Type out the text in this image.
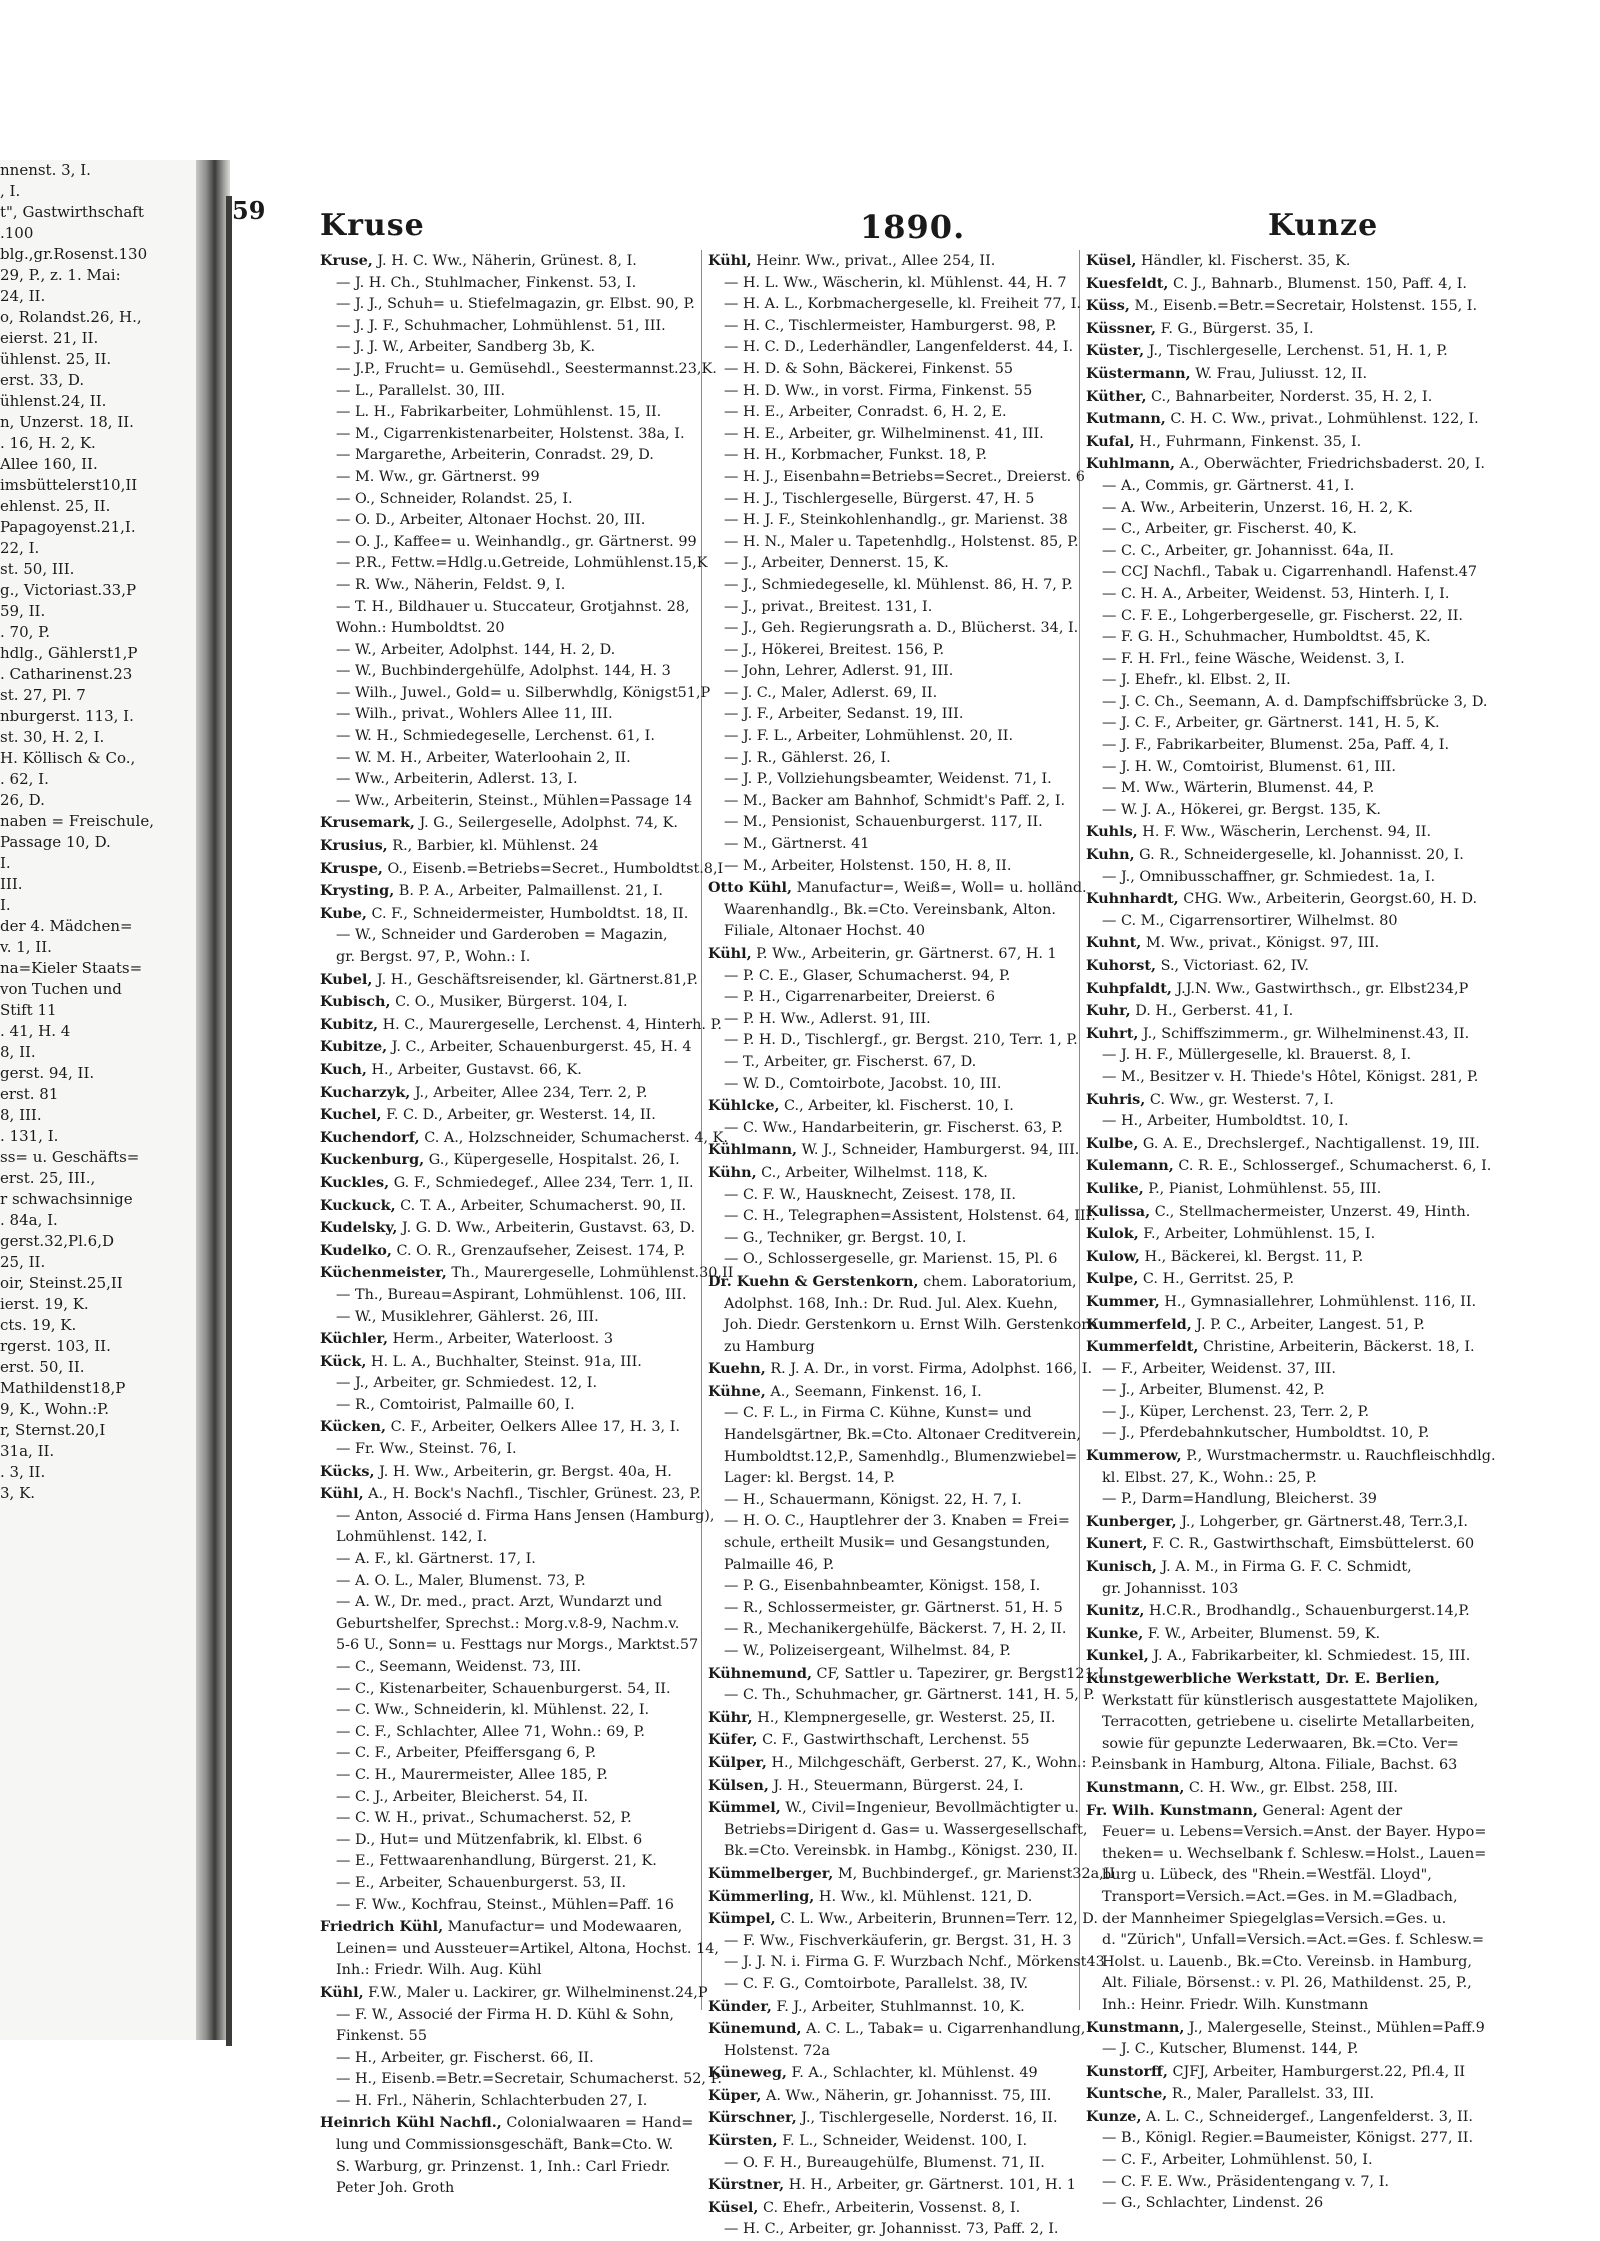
nnenst. 3, I.
, I.
t", Gastwirthschaft
.100
blg.,gr.Rosenst.130
29, P., z. 1. Mai:
24, II.
o, Rolandst.26, H.,
eierst. 21, II.
ühlenst. 25, II.
erst. 33, D.
ühlenst.24, II.
n, Unzerst. 18, II.
. 16, H. 2, K.
Allee 160, II.
imsbüttelerst10,II
ehlenst. 25, II.
Papagoyenst.21,I.
22, I.
st. 50, III.
g., Victoriast.33,P
59, II.
. 70, P.
hdlg., Gählerst1,P
. Catharinenst.23
st. 27, Pl. 7
nburgerst. 113, I.
st. 30, H. 2, I.
H. Köllisch & Co.,
. 62, I.
26, D.
naben = Freischule,
Passage 10, D.
I.
III.
I.
der 4. Mädchen=
v. 1, II.
na=Kieler Staats=
von Tuchen und
Stift 11
. 41, H. 4
8, II.
gerst. 94, II.
erst. 81
8, III.
. 131, I.
ss= u. Geschäfts=
erst. 25, III.,
r schwachsinnige
. 84a, I.
gerst.32,Pl.6,D
25, II.
oir, Steinst.25,II
ierst. 19, K.
cts. 19, K.
rgerst. 103, II.
erst. 50, II.
Mathildenst18,P
9, K., Wohn.:P.
r, Sternst.20,I
31a, II.
. 3, II.
3, K.
Kruse	1890.	Kunze
59
Kruse, J. H. C. Ww., Näherin, Grünest. 8, I.
— J. H. Ch., Stuhlmacher, Finkenst. 53, I.
— J. J., Schuh= u. Stiefelmagazin, gr. Elbst. 90, P.
— J. J. F., Schuhmacher, Lohmühlenst. 51, III.
— J. J. W., Arbeiter, Sandberg 3b, K.
— J.P., Frucht= u. Gemüsehdl., Seestermannst.23,K.
— L., Parallelst. 30, III.
— L. H., Fabrikarbeiter, Lohmühlenst. 15, II.
— M., Cigarrenkistenarbeiter, Holstenst. 38a, I.
— Margarethe, Arbeiterin, Conradst. 29, D.
— M. Ww., gr. Gärtnerst. 99
— O., Schneider, Rolandst. 25, I.
— O. D., Arbeiter, Altonaer Hochst. 20, III.
— O. J., Kaffee= u. Weinhandlg., gr. Gärtnerst. 99
— P.R., Fettw.=Hdlg.u.Getreide, Lohmühlenst.15,K
— R. Ww., Näherin, Feldst. 9, I.
— T. H., Bildhauer u. Stuccateur, Grotjahnst. 28,
Wohn.: Humboldtst. 20
— W., Arbeiter, Adolphst. 144, H. 2, D.
— W., Buchbindergehülfe, Adolphst. 144, H. 3
— Wilh., Juwel., Gold= u. Silberwhdlg, Königst51,P
— Wilh., privat., Wohlers Allee 11, III.
— W. H., Schmiedegeselle, Lerchenst. 61, I.
— W. M. H., Arbeiter, Waterloohain 2, II.
— Ww., Arbeiterin, Adlerst. 13, I.
— Ww., Arbeiterin, Steinst., Mühlen=Passage 14
Krusemark, J. G., Seilergeselle, Adolphst. 74, K.
Krusius, R., Barbier, kl. Mühlenst. 24
Kruspe, O., Eisenb.=Betriebs=Secret., Humboldtst.8,I
Krysting, B. P. A., Arbeiter, Palmaillenst. 21, I.
Kube, C. F., Schneidermeister, Humboldtst. 18, II.
— W., Schneider und Garderoben = Magazin,
gr. Bergst. 97, P., Wohn.: I.
Kubel, J. H., Geschäftsreisender, kl. Gärtnerst.81,P.
Kubisch, C. O., Musiker, Bürgerst. 104, I.
Kubitz, H. C., Maurergeselle, Lerchenst. 4, Hinterh. P.
Kubitze, J. C., Arbeiter, Schauenburgerst. 45, H. 4
Kuch, H., Arbeiter, Gustavst. 66, K.
Kucharzyk, J., Arbeiter, Allee 234, Terr. 2, P.
Kuchel, F. C. D., Arbeiter, gr. Westerst. 14, II.
Kuchendorf, C. A., Holzschneider, Schumacherst. 4, K.
Kuckenburg, G., Küpergeselle, Hospitalst. 26, I.
Kuckles, G. F., Schmiedegef., Allee 234, Terr. 1, II.
Kuckuck, C. T. A., Arbeiter, Schumacherst. 90, II.
Kudelsky, J. G. D. Ww., Arbeiterin, Gustavst. 63, D.
Kudelko, C. O. R., Grenzaufseher, Zeisest. 174, P.
Küchenmeister, Th., Maurergeselle, Lohmühlenst.30,II
— Th., Bureau=Aspirant, Lohmühlenst. 106, III.
— W., Musiklehrer, Gählerst. 26, III.
Küchler, Herm., Arbeiter, Waterloost. 3
Kück, H. L. A., Buchhalter, Steinst. 91a, III.
— J., Arbeiter, gr. Schmiedest. 12, I.
— R., Comtoirist, Palmaille 60, I.
Kücken, C. F., Arbeiter, Oelkers Allee 17, H. 3, I.
— Fr. Ww., Steinst. 76, I.
Kücks, J. H. Ww., Arbeiterin, gr. Bergst. 40a, H.
Kühl, A., H. Bock's Nachfl., Tischler, Grünest. 23, P.
— Anton, Associé d. Firma Hans Jensen (Hamburg),
Lohmühlenst. 142, I.
— A. F., kl. Gärtnerst. 17, I.
— A. O. L., Maler, Blumenst. 73, P.
— A. W., Dr. med., pract. Arzt, Wundarzt und
Geburtshelfer, Sprechst.: Morg.v.8-9, Nachm.v.
5-6 U., Sonn= u. Festtags nur Morgs., Marktst.57
— C., Seemann, Weidenst. 73, III.
— C., Kistenarbeiter, Schauenburgerst. 54, II.
— C. Ww., Schneiderin, kl. Mühlenst. 22, I.
— C. F., Schlachter, Allee 71, Wohn.: 69, P.
— C. F., Arbeiter, Pfeiffersgang 6, P.
— C. H., Maurermeister, Allee 185, P.
— C. J., Arbeiter, Bleicherst. 54, II.
— C. W. H., privat., Schumacherst. 52, P.
— D., Hut= und Mützenfabrik, kl. Elbst. 6
— E., Fettwaarenhandlung, Bürgerst. 21, K.
— E., Arbeiter, Schauenburgerst. 53, II.
— F. Ww., Kochfrau, Steinst., Mühlen=Paff. 16
Friedrich Kühl, Manufactur= und Modewaaren,
Leinen= und Aussteuer=Artikel, Altona, Hochst. 14,
Inh.: Friedr. Wilh. Aug. Kühl
Kühl, F.W., Maler u. Lackirer, gr. Wilhelminenst.24,P
— F. W., Associé der Firma H. D. Kühl & Sohn,
Finkenst. 55
— H., Arbeiter, gr. Fischerst. 66, II.
— H., Eisenb.=Betr.=Secretair, Schumacherst. 52, P.
— H. Frl., Näherin, Schlachterbuden 27, I.
Heinrich Kühl Nachfl., Colonialwaaren = Hand=
lung und Commissionsgeschäft, Bank=Cto. W.
S. Warburg, gr. Prinzenst. 1, Inh.: Carl Friedr.
Peter Joh. Groth
Kühl, Heinr. Ww., privat., Allee 254, II.
— H. L. Ww., Wäscherin, kl. Mühlenst. 44, H. 7
— H. A. L., Korbmachergeselle, kl. Freiheit 77, I.
— H. C., Tischlermeister, Hamburgerst. 98, P.
— H. C. D., Lederhändler, Langenfelderst. 44, I.
— H. D. & Sohn, Bäckerei, Finkenst. 55
— H. D. Ww., in vorst. Firma, Finkenst. 55
— H. E., Arbeiter, Conradst. 6, H. 2, E.
— H. E., Arbeiter, gr. Wilhelminenst. 41, III.
— H. H., Korbmacher, Funkst. 18, P.
— H. J., Eisenbahn=Betriebs=Secret., Dreierst. 6
— H. J., Tischlergeselle, Bürgerst. 47, H. 5
— H. J. F., Steinkohlenhandlg., gr. Marienst. 38
— H. N., Maler u. Tapetenhdlg., Holstenst. 85, P.
— J., Arbeiter, Dennerst. 15, K.
— J., Schmiedegeselle, kl. Mühlenst. 86, H. 7, P.
— J., privat., Breitest. 131, I.
— J., Geh. Regierungsrath a. D., Blücherst. 34, I.
— J., Hökerei, Breitest. 156, P.
— John, Lehrer, Adlerst. 91, III.
— J. C., Maler, Adlerst. 69, II.
— J. F., Arbeiter, Sedanst. 19, III.
— J. F. L., Arbeiter, Lohmühlenst. 20, II.
— J. R., Gählerst. 26, I.
— J. P., Vollziehungsbeamter, Weidenst. 71, I.
— M., Backer am Bahnhof, Schmidt's Paff. 2, I.
— M., Pensionist, Schauenburgerst. 117, II.
— M., Gärtnerst. 41
— M., Arbeiter, Holstenst. 150, H. 8, II.
Otto Kühl, Manufactur=, Weiß=, Woll= u. holländ.
Waarenhandlg., Bk.=Cto. Vereinsbank, Alton.
Filiale, Altonaer Hochst. 40
Kühl, P. Ww., Arbeiterin, gr. Gärtnerst. 67, H. 1
— P. C. E., Glaser, Schumacherst. 94, P.
— P. H., Cigarrenarbeiter, Dreierst. 6
— P. H. Ww., Adlerst. 91, III.
— P. H. D., Tischlergf., gr. Bergst. 210, Terr. 1, P.
— T., Arbeiter, gr. Fischerst. 67, D.
— W. D., Comtoirbote, Jacobst. 10, III.
Kühlcke, C., Arbeiter, kl. Fischerst. 10, I.
— C. Ww., Handarbeiterin, gr. Fischerst. 63, P.
Kühlmann, W. J., Schneider, Hamburgerst. 94, III.
Kühn, C., Arbeiter, Wilhelmst. 118, K.
— C. F. W., Hausknecht, Zeisest. 178, II.
— C. H., Telegraphen=Assistent, Holstenst. 64, III.
— G., Techniker, gr. Bergst. 10, I.
— O., Schlossergeselle, gr. Marienst. 15, Pl. 6
Dr. Kuehn & Gerstenkorn, chem. Laboratorium,
Adolphst. 168, Inh.: Dr. Rud. Jul. Alex. Kuehn,
Joh. Diedr. Gerstenkorn u. Ernst Wilh. Gerstenkorn
zu Hamburg
Kuehn, R. J. A. Dr., in vorst. Firma, Adolphst. 166, I.
Kühne, A., Seemann, Finkenst. 16, I.
— C. F. L., in Firma C. Kühne, Kunst= und
Handelsgärtner, Bk.=Cto. Altonaer Creditverein,
Humboldtst.12,P., Samenhdlg., Blumenzwiebel=
Lager: kl. Bergst. 14, P.
— H., Schauermann, Königst. 22, H. 7, I.
— H. O. C., Hauptlehrer der 3. Knaben = Frei=
schule, ertheilt Musik= und Gesangstunden,
Palmaille 46, P.
— P. G., Eisenbahnbeamter, Königst. 158, I.
— R., Schlossermeister, gr. Gärtnerst. 51, H. 5
— R., Mechanikergehülfe, Bäckerst. 7, H. 2, II.
— W., Polizeisergeant, Wilhelmst. 84, P.
Kühnemund, CF, Sattler u. Tapezirer, gr. Bergst121,I
— C. Th., Schuhmacher, gr. Gärtnerst. 141, H. 5, P.
Kühr, H., Klempnergeselle, gr. Westerst. 25, II.
Küfer, C. F., Gastwirthschaft, Lerchenst. 55
Külper, H., Milchgeschäft, Gerberst. 27, K., Wohn.: P.
Külsen, J. H., Steuermann, Bürgerst. 24, I.
Kümmel, W., Civil=Ingenieur, Bevollmächtigter u.
Betriebs=Dirigent d. Gas= u. Wassergesellschaft,
Bk.=Cto. Vereinsbk. in Hambg., Königst. 230, II.
Kümmelberger, M, Buchbindergef., gr. Marienst32a,II
Kümmerling, H. Ww., kl. Mühlenst. 121, D.
Kümpel, C. L. Ww., Arbeiterin, Brunnen=Terr. 12, D.
— F. Ww., Fischverkäuferin, gr. Bergst. 31, H. 3
— J. J. N. i. Firma G. F. Wurzbach Nchf., Mörkenst43
— C. F. G., Comtoirbote, Parallelst. 38, IV.
Künder, F. J., Arbeiter, Stuhlmannst. 10, K.
Künemund, A. C. L., Tabak= u. Cigarrenhandlung,
Holstenst. 72a
Küneweg, F. A., Schlachter, kl. Mühlenst. 49
Küper, A. Ww., Näherin, gr. Johannisst. 75, III.
Kürschner, J., Tischlergeselle, Norderst. 16, II.
Kürsten, F. L., Schneider, Weidenst. 100, I.
— O. F. H., Bureaugehülfe, Blumenst. 71, II.
Kürstner, H. H., Arbeiter, gr. Gärtnerst. 101, H. 1
Küsel, C. Ehefr., Arbeiterin, Vossenst. 8, I.
— H. C., Arbeiter, gr. Johannisst. 73, Paff. 2, I.
Küsel, Händler, kl. Fischerst. 35, K.
Kuesfeldt, C. J., Bahnarb., Blumenst. 150, Paff. 4, I.
Küss, M., Eisenb.=Betr.=Secretair, Holstenst. 155, I.
Küssner, F. G., Bürgerst. 35, I.
Küster, J., Tischlergeselle, Lerchenst. 51, H. 1, P.
Küstermann, W. Frau, Juliusst. 12, II.
Küther, C., Bahnarbeiter, Norderst. 35, H. 2, I.
Kutmann, C. H. C. Ww., privat., Lohmühlenst. 122, I.
Kufal, H., Fuhrmann, Finkenst. 35, I.
Kuhlmann, A., Oberwächter, Friedrichsbaderst. 20, I.
— A., Commis, gr. Gärtnerst. 41, I.
— A. Ww., Arbeiterin, Unzerst. 16, H. 2, K.
— C., Arbeiter, gr. Fischerst. 40, K.
— C. C., Arbeiter, gr. Johannisst. 64a, II.
— CCJ Nachfl., Tabak u. Cigarrenhandl. Hafenst.47
— C. H. A., Arbeiter, Weidenst. 53, Hinterh. I, I.
— C. F. E., Lohgerbergeselle, gr. Fischerst. 22, II.
— F. G. H., Schuhmacher, Humboldtst. 45, K.
— F. H. Frl., feine Wäsche, Weidenst. 3, I.
— J. Ehefr., kl. Elbst. 2, II.
— J. C. Ch., Seemann, A. d. Dampfschiffsbrücke 3, D.
— J. C. F., Arbeiter, gr. Gärtnerst. 141, H. 5, K.
— J. F., Fabrikarbeiter, Blumenst. 25a, Paff. 4, I.
— J. H. W., Comtoirist, Blumenst. 61, III.
— M. Ww., Wärterin, Blumenst. 44, P.
— W. J. A., Hökerei, gr. Bergst. 135, K.
Kuhls, H. F. Ww., Wäscherin, Lerchenst. 94, II.
Kuhn, G. R., Schneidergeselle, kl. Johannisst. 20, I.
— J., Omnibusschaffner, gr. Schmiedest. 1a, I.
Kuhnhardt, CHG. Ww., Arbeiterin, Georgst.60, H. D.
— C. M., Cigarrensortirer, Wilhelmst. 80
Kuhnt, M. Ww., privat., Königst. 97, III.
Kuhorst, S., Victoriast. 62, IV.
Kuhpfaldt, J.J.N. Ww., Gastwirthsch., gr. Elbst234,P
Kuhr, D. H., Gerberst. 41, I.
Kuhrt, J., Schiffszimmerm., gr. Wilhelminenst.43, II.
— J. H. F., Müllergeselle, kl. Brauerst. 8, I.
— M., Besitzer v. H. Thiede's Hôtel, Königst. 281, P.
Kuhris, C. Ww., gr. Westerst. 7, I.
— H., Arbeiter, Humboldtst. 10, I.
Kulbe, G. A. E., Drechslergef., Nachtigallenst. 19, III.
Kulemann, C. R. E., Schlossergef., Schumacherst. 6, I.
Kulike, P., Pianist, Lohmühlenst. 55, III.
Kulissa, C., Stellmachermeister, Unzerst. 49, Hinth.
Kulok, F., Arbeiter, Lohmühlenst. 15, I.
Kulow, H., Bäckerei, kl. Bergst. 11, P.
Kulpe, C. H., Gerritst. 25, P.
Kummer, H., Gymnasiallehrer, Lohmühlenst. 116, II.
Kummerfeld, J. P. C., Arbeiter, Langest. 51, P.
Kummerfeldt, Christine, Arbeiterin, Bäckerst. 18, I.
— F., Arbeiter, Weidenst. 37, III.
— J., Arbeiter, Blumenst. 42, P.
— J., Küper, Lerchenst. 23, Terr. 2, P.
— J., Pferdebahnkutscher, Humboldtst. 10, P.
Kummerow, P., Wurstmachermstr. u. Rauchfleischhdlg.
kl. Elbst. 27, K., Wohn.: 25, P.
— P., Darm=Handlung, Bleicherst. 39
Kunberger, J., Lohgerber, gr. Gärtnerst.48, Terr.3,I.
Kunert, F. C. R., Gastwirthschaft, Eimsbüttelerst. 60
Kunisch, J. A. M., in Firma G. F. C. Schmidt,
gr. Johannisst. 103
Kunitz, H.C.R., Brodhandlg., Schauenburgerst.14,P.
Kunke, F. W., Arbeiter, Blumenst. 59, K.
Kunkel, J. A., Fabrikarbeiter, kl. Schmiedest. 15, III.
Kunstgewerbliche Werkstatt, Dr. E. Berlien,
Werkstatt für künstlerisch ausgestattete Majoliken,
Terracotten, getriebene u. ciselirte Metallarbeiten,
sowie für gepunzte Lederwaaren, Bk.=Cto. Ver=
einsbank in Hamburg, Altona. Filiale, Bachst. 63
Kunstmann, C. H. Ww., gr. Elbst. 258, III.
Fr. Wilh. Kunstmann, General: Agent der
Feuer= u. Lebens=Versich.=Anst. der Bayer. Hypo=
theken= u. Wechselbank f. Schlesw.=Holst., Lauen=
burg u. Lübeck, des "Rhein.=Westfäl. Lloyd",
Transport=Versich.=Act.=Ges. in M.=Gladbach,
der Mannheimer Spiegelglas=Versich.=Ges. u.
d. "Zürich", Unfall=Versich.=Act.=Ges. f. Schlesw.=
Holst. u. Lauenb., Bk.=Cto. Vereinsb. in Hamburg,
Alt. Filiale, Börsenst.: v. Pl. 26, Mathildenst. 25, P.,
Inh.: Heinr. Friedr. Wilh. Kunstmann
Kunstmann, J., Malergeselle, Steinst., Mühlen=Paff.9
— J. C., Kutscher, Blumenst. 144, P.
Kunstorff, CJFJ, Arbeiter, Hamburgerst.22, Pfl.4, II
Kuntsche, R., Maler, Parallelst. 33, III.
Kunze, A. L. C., Schneidergef., Langenfelderst. 3, II.
— B., Königl. Regier.=Baumeister, Königst. 277, II.
— C. F., Arbeiter, Lohmühlenst. 50, I.
— C. F. E. Ww., Präsidentengang v. 7, I.
— G., Schlachter, Lindenst. 26
